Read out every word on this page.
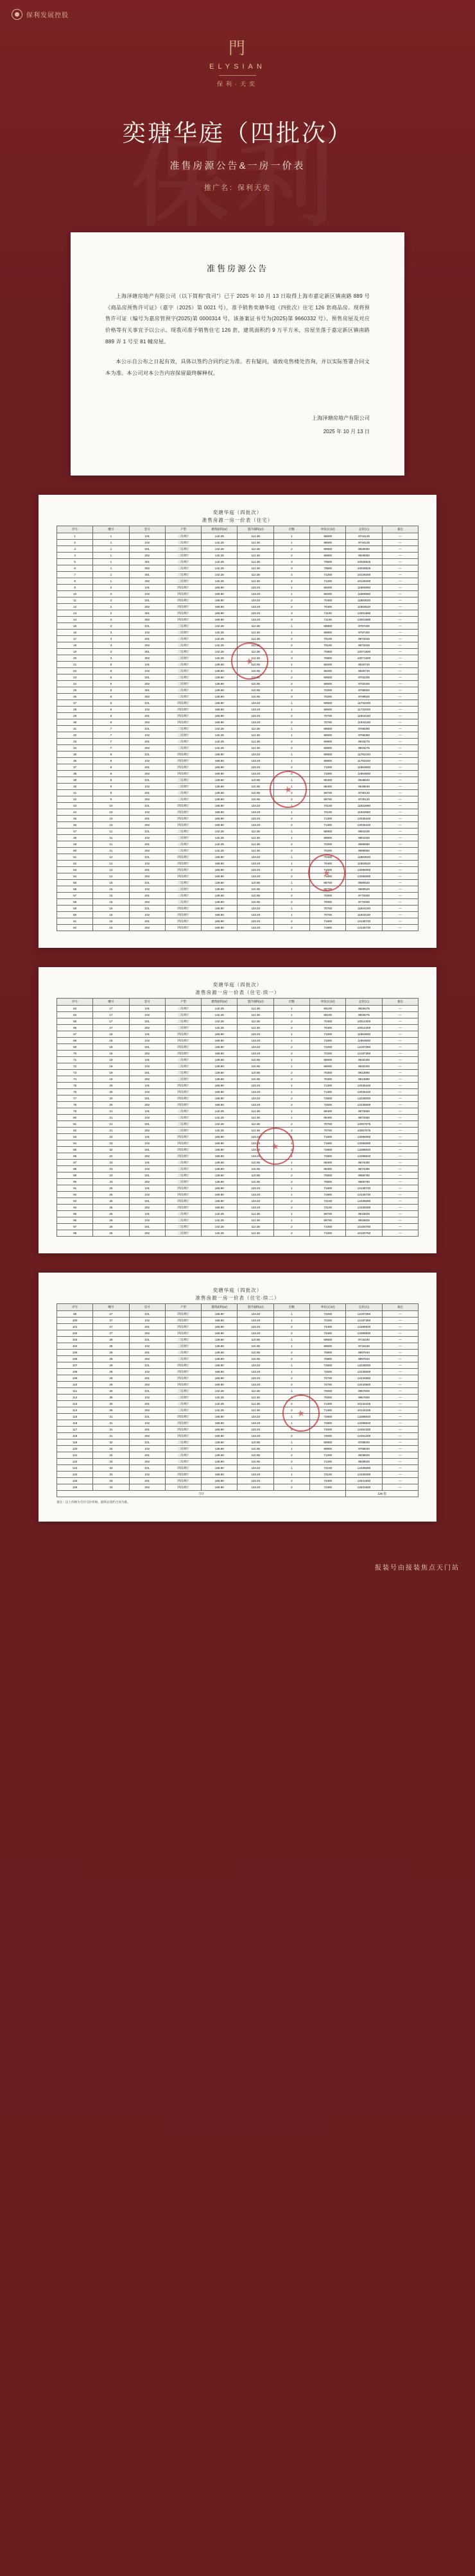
保利发展控股
門
ELYSIAN
保利·天奕
奕瑭华庭（四批次）
准售房源公告&一房一价表
推广名：保利天奕
准售房源公告

上海泽瑭房地产有限公司（以下简称“我司”）已于 2025 年 10 月 13 日取得上海市嘉定新区镇南路 889 号《商品房预售许可证》（嘉字（2025）第 0021 号），准予销售奕瑭华庭（四批次）住宅 126 套商品房。现将预售许可证（编号为嘉房管预字(2025)第 0000314 号，该备案证书号为(2025)第 9660332 号）、预售房屋及对应价格等有关事宜予以公示。现我司准予销售住宅 126 套，建筑面积约 9 万平方米，房屋坐落于嘉定新区镇南路 889 弄 1 号至 81 幢房屋。

本公示自公布之日起有效，具体以签约合同约定为准。若有疑问，请致电售楼处咨询，并以实际签署合同文本为准。本公司对本公告内容保留最终解释权。

上海泽瑭房地产有限公司
2025 年 10 月 13 日
奕瑭华庭（四批次）
准售房源一房一价表（住宅）
序号	幢号	室号	户型	建筑面积(㎡)	套内面积(㎡)	层数	单价(元/㎡)	总价(元)	备注
1	1	101	三房两厅	142.25	112.36	1	68500	9744125	—
2	1	102	三房两厅	142.25	112.36	1	68500	9744125	—
3	1	201	三房两厅	142.25	112.36	2	69800	9929050	—
4	1	202	三房两厅	142.25	112.36	2	69800	9929050	—
5	1	301	三房两厅	142.25	112.36	3	70500	10028625	—
6	1	302	三房两厅	142.25	112.36	3	70500	10028625	—
7	1	401	三房两厅	142.25	112.36	4	71200	10128200	—
8	1	402	三房两厅	142.25	112.36	4	71200	10128200	—
9	2	101	四房两厅	168.80	133.20	1	69200	11680960	—
10	2	102	四房两厅	168.80	133.20	1	69200	11680960	—
11	2	201	四房两厅	168.80	133.20	2	70400	11883520	—
12	2	202	四房两厅	168.80	133.20	2	70400	11883520	—
13	2	301	四房两厅	168.80	133.20	3	71100	12001680	—
14	2	302	四房两厅	168.80	133.20	3	71100	12001680	—
15	3	101	三房两厅	142.25	112.36	1	68800	9787400	—
16	3	102	三房两厅	142.25	112.36	1	68800	9787400	—
17	3	201	三房两厅	142.25	112.36	2	70100	9972025	—
18	3	202	三房两厅	142.25	112.36	2	70100	9972025	—
19	3	301	三房两厅	142.25	112.36	3	70800	10071600	—
20	3	302	三房两厅	142.25	112.36	3	70800	10071600	—
21	5	101	三房两厅	139.60	110.05	1	68200	9520720	—
22	5	102	三房两厅	139.60	110.05	1	68200	9520720	—
23	5	201	三房两厅	139.60	110.05	2	69500	9702200	—
24	5	202	三房两厅	139.60	110.05	2	69500	9702200	—
25	5	301	三房两厅	139.60	110.05	3	70200	9799920	—
26	5	302	三房两厅	139.60	110.05	3	70200	9799920	—
27	6	101	四房两厅	168.80	133.20	1	69500	11732200	—
28	6	102	四房两厅	168.80	133.20	1	69500	11732200	—
29	6	201	四房两厅	168.80	133.20	2	70700	11934160	—
30	6	202	四房两厅	168.80	133.20	2	70700	11934160	—
31	7	101	三房两厅	142.25	112.36	1	68600	9758350	—
32	7	102	三房两厅	142.25	112.36	1	68600	9758350	—
33	7	201	三房两厅	142.25	112.36	2	69900	9943275	—
34	7	202	三房两厅	142.25	112.36	2	69900	9943275	—
35	8	101	四房两厅	168.80	133.20	1	69800	11782240	—
36	8	102	四房两厅	168.80	133.20	1	69800	11782240	—
37	8	201	四房两厅	168.80	133.20	2	71000	11984800	—
38	8	202	四房两厅	168.80	133.20	2	71000	11984800	—
39	9	101	三房两厅	139.60	110.05	1	68400	9548640	—
40	9	102	三房两厅	139.60	110.05	1	68400	9548640	—
41	9	201	三房两厅	139.60	110.05	2	69700	9730120	—
42	9	202	三房两厅	139.60	110.05	2	69700	9730120	—
43	10	101	四房两厅	168.80	133.20	1	70100	11832880	—
44	10	102	四房两厅	168.80	133.20	1	70100	11832880	—
45	10	201	四房两厅	168.80	133.20	2	71300	12035440	—
46	10	202	四房两厅	168.80	133.20	2	71300	12035440	—
47	11	101	三房两厅	142.25	112.36	1	68900	9801025	—
48	11	102	三房两厅	142.25	112.36	1	68900	9801025	—
49	11	201	三房两厅	142.25	112.36	2	70200	9985950	—
50	11	202	三房两厅	142.25	112.36	2	70200	9985950	—
51	12	101	四房两厅	168.80	133.20	1	70400	11883520	—
52	12	102	四房两厅	168.80	133.20	1	70400	11883520	—
53	12	201	四房两厅	168.80	133.20	2	71600	12086080	—
54	12	202	四房两厅	168.80	133.20	2	71600	12086080	—
55	15	101	三房两厅	139.60	110.05	1	68700	9590520	—
56	15	102	三房两厅	139.60	110.05	1	68700	9590520	—
57	15	201	三房两厅	139.60	110.05	2	70000	9772000	—
58	15	202	三房两厅	139.60	110.05	2	70000	9772000	—
59	16	101	四房两厅	168.80	133.20	1	70700	11934160	—
60	16	102	四房两厅	168.80	133.20	1	70700	11934160	—
61	16	201	四房两厅	168.80	133.20	2	71900	12136720	—
62	16	202	四房两厅	168.80	133.20	2	71900	12136720	—
★
★
★
奕瑭华庭（四批次）
准售房源一房一价表（住宅·续一）
序号	幢号	室号	户型	建筑面积(㎡)	套内面积(㎡)	层数	单价(元/㎡)	总价(元)	备注
63	17	101	三房两厅	142.25	112.36	1	69100	9829475	—
64	17	102	三房两厅	142.25	112.36	1	69100	9829475	—
65	17	201	三房两厅	142.25	112.36	2	70400	10014400	—
66	17	202	三房两厅	142.25	112.36	2	70400	10014400	—
67	18	101	四房两厅	168.80	133.20	1	71000	11984800	—
68	18	102	四房两厅	168.80	133.20	1	71000	11984800	—
69	18	201	四房两厅	168.80	133.20	2	72200	12187360	—
70	18	202	四房两厅	168.80	133.20	2	72200	12187360	—
71	19	101	三房两厅	139.60	110.05	1	69000	9632400	—
72	19	102	三房两厅	139.60	110.05	1	69000	9632400	—
73	19	201	三房两厅	139.60	110.05	2	70300	9813880	—
74	19	202	三房两厅	139.60	110.05	2	70300	9813880	—
75	20	101	四房两厅	168.80	133.20	1	71300	12035440	—
76	20	102	四房两厅	168.80	133.20	1	71300	12035440	—
77	20	201	四房两厅	168.80	133.20	2	72500	12238000	—
78	20	202	四房两厅	168.80	133.20	2	72500	12238000	—
79	21	101	三房两厅	142.25	112.36	1	69400	9872650	—
80	21	102	三房两厅	142.25	112.36	1	69400	9872650	—
81	21	201	三房两厅	142.25	112.36	2	70700	10057075	—
82	21	202	三房两厅	142.25	112.36	2	70700	10057075	—
83	22	101	四房两厅	168.80	133.20	1	71600	12086080	—
84	22	102	四房两厅	168.80	133.20	1	71600	12086080	—
85	22	201	四房两厅	168.80	133.20	2	72800	12288640	—
86	22	202	四房两厅	168.80	133.20	2	72800	12288640	—
87	23	101	三房两厅	139.60	110.05	1	69300	9674280	—
88	23	102	三房两厅	139.60	110.05	1	69300	9674280	—
89	23	201	三房两厅	139.60	110.05	2	70600	9855760	—
90	23	202	三房两厅	139.60	110.05	2	70600	9855760	—
91	25	101	四房两厅	168.80	133.20	1	71900	12136720	—
92	25	102	四房两厅	168.80	133.20	1	71900	12136720	—
93	25	201	四房两厅	168.80	133.20	2	73100	12339280	—
94	25	202	四房两厅	168.80	133.20	2	73100	12339280	—
95	26	101	三房两厅	142.25	112.36	1	69700	9915825	—
96	26	102	三房两厅	142.25	112.36	1	69700	9915825	—
97	26	201	三房两厅	142.25	112.36	2	71000	10100750	—
98	26	202	三房两厅	142.25	112.36	2	71000	10100750	—
★
奕瑭华庭（四批次）
准售房源一房一价表（住宅·续二）
序号	幢号	室号	户型	建筑面积(㎡)	套内面积(㎡)	层数	单价(元/㎡)	总价(元)	备注
99	27	101	四房两厅	168.80	133.20	1	72200	12187360	—
100	27	102	四房两厅	168.80	133.20	1	72200	12187360	—
101	27	201	四房两厅	168.80	133.20	2	73400	12389920	—
102	27	202	四房两厅	168.80	133.20	2	73400	12389920	—
103	28	101	三房两厅	139.60	110.05	1	69600	9716160	—
104	28	102	三房两厅	139.60	110.05	1	69600	9716160	—
105	28	201	三房两厅	139.60	110.05	2	70900	9897640	—
106	28	202	三房两厅	139.60	110.05	2	70900	9897640	—
107	29	101	四房两厅	168.80	133.20	1	72500	12238000	—
108	29	102	四房两厅	168.80	133.20	1	72500	12238000	—
109	29	201	四房两厅	168.80	133.20	2	73700	12440560	—
110	29	202	四房两厅	168.80	133.20	2	73700	12440560	—
111	30	101	三房两厅	142.25	112.36	1	70000	9957500	—
112	30	102	三房两厅	142.25	112.36	1	70000	9957500	—
113	30	201	三房两厅	142.25	112.36	2	71300	10142425	—
114	30	202	三房两厅	142.25	112.36	2	71300	10142425	—
115	31	101	四房两厅	168.80	133.20	1	72800	12288640	—
116	31	102	四房两厅	168.80	133.20	1	72800	12288640	—
117	31	201	四房两厅	168.80	133.20	2	74000	12491200	—
118	31	202	四房两厅	168.80	133.20	2	74000	12491200	—
119	32	101	三房两厅	139.60	110.05	1	69900	9758040	—
120	32	102	三房两厅	139.60	110.05	1	69900	9758040	—
121	32	201	三房两厅	139.60	110.05	2	71200	9939520	—
122	32	202	三房两厅	139.60	110.05	2	71200	9939520	—
123	33	101	四房两厅	168.80	133.20	1	73100	12339280	—
124	33	102	四房两厅	168.80	133.20	1	73100	12339280	—
125	33	201	四房两厅	168.80	133.20	2	74300	12541840	—
126	33	202	四房两厅	168.80	133.20	2	74300	12541840	—
合计								126 套	
备注：以上价格为毛坯交付价格，最终以签约合同为准。
★
报装号由接装焦点天门站
